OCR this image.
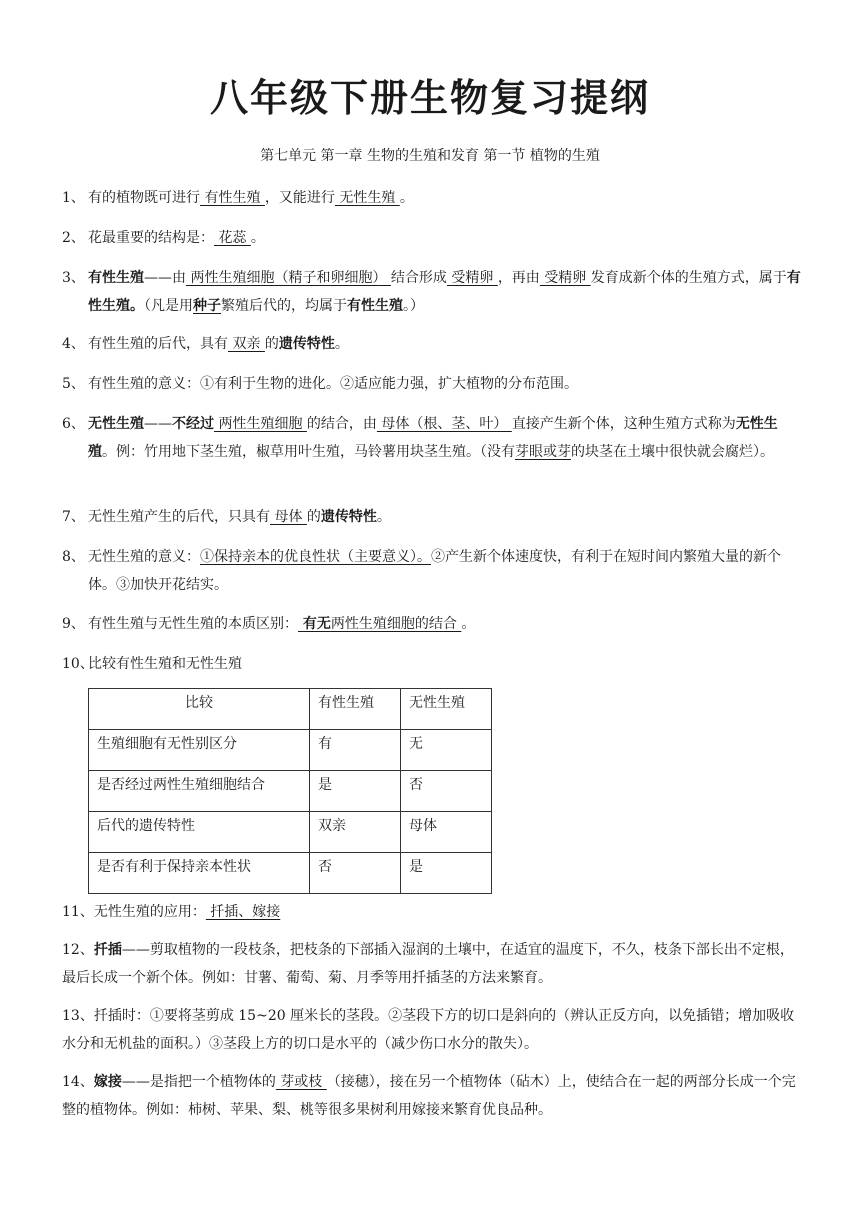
八年级下册生物复习提纲
第七单元 第一章 生物的生殖和发育 第一节 植物的生殖
1、 有的植物既可进行 有性生殖 ，又能进行 无性生殖 。
2、 花最重要的结构是： 花蕊 。
3、 有性生殖——由 两性生殖细胞（精子和卵细胞） 结合形成 受精卵 ，再由 受精卵 发育成新个体的生殖方式，属于有性生殖。（凡是用种子繁殖后代的，均属于有性生殖。）
4、 有性生殖的后代，具有 双亲 的遗传特性。
5、 有性生殖的意义：①有利于生物的进化。②适应能力强，扩大植物的分布范围。
6、 无性生殖——不经过 两性生殖细胞 的结合，由 母体（根、茎、叶） 直接产生新个体，这种生殖方式称为无性生殖。例：竹用地下茎生殖，椒草用叶生殖，马铃薯用块茎生殖。（没有芽眼或芽的块茎在土壤中很快就会腐烂）。
7、 无性生殖产生的后代，只具有 母体 的遗传特性。
8、 无性生殖的意义：①保持亲本的优良性状（主要意义）。②产生新个体速度快，有利于在短时间内繁殖大量的新个体。③加快开花结实。
9、 有性生殖与无性生殖的本质区别： 有无两性生殖细胞的结合 。
10、
比较有性生殖和无性生殖
比较	有性生殖	无性生殖
生殖细胞有无性别区分	有	无
是否经过两性生殖细胞结合	是	否
后代的遗传特性	双亲	母体
是否有利于保持亲本性状	否	是
11、无性生殖的应用： 扦插、嫁接
12、扦插——剪取植物的一段枝条，把枝条的下部插入湿润的土壤中，在适宜的温度下，不久，枝条下部长出不定根，最后长成一个新个体。例如：甘薯、葡萄、菊、月季等用扦插茎的方法来繁育。
13、扦插时：①要将茎剪成 15~20 厘米长的茎段。②茎段下方的切口是斜向的（辨认正反方向，以免插错；增加吸收水分和无机盐的面积。）③茎段上方的切口是水平的（减少伤口水分的散失）。
14、嫁接——是指把一个植物体的 芽或枝 （接穗），接在另一个植物体（砧木）上，使结合在一起的两部分长成一个完整的植物体。例如：柿树、苹果、梨、桃等很多果树利用嫁接来繁育优良品种。
